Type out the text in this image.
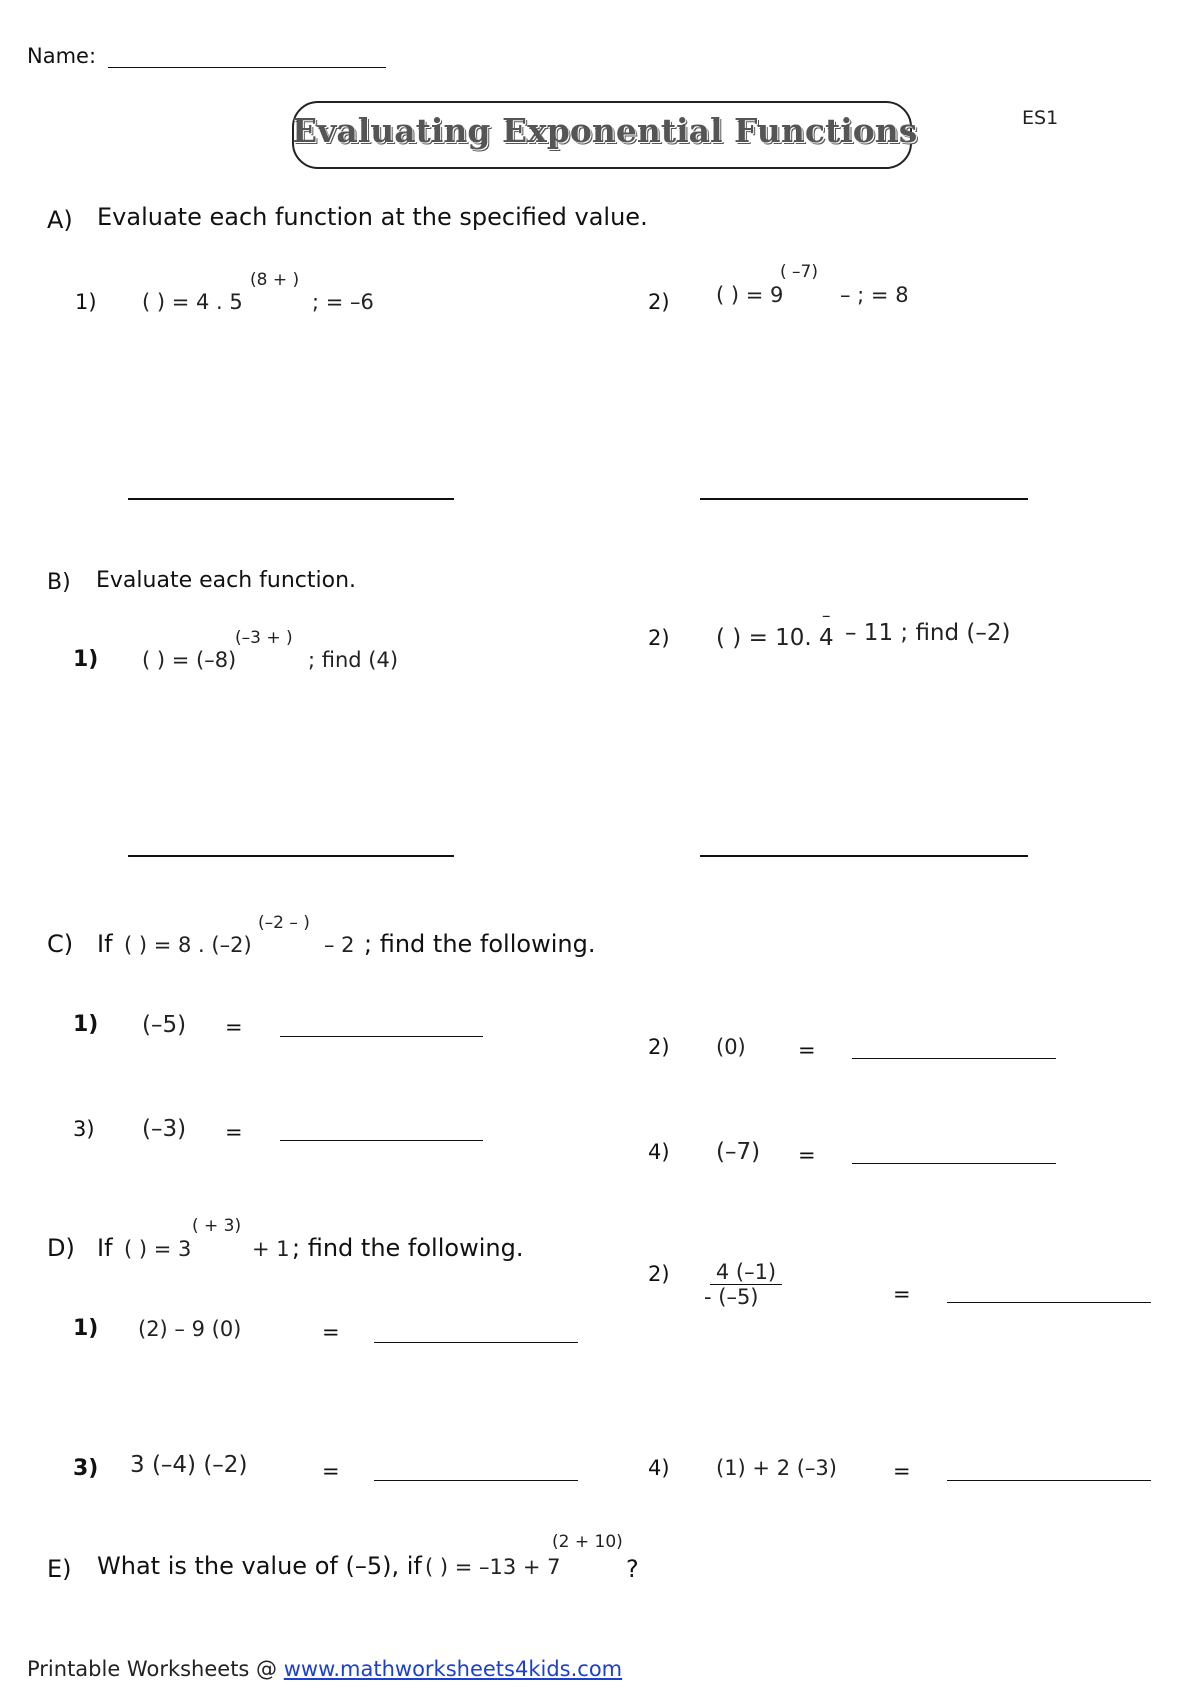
Name:
Evaluating Exponential Functions	ES1
A) Evaluate each function at the specified value.
1) ( ) = 4 . 5
(8 + )
; = –6	2) ( ) = 9
( –7)
– ; = 8
B) Evaluate each function.
1) ( ) = (–8)
(–3 + )
; find (4)
2) ( ) = 10. 4
–
– 11 ; find (–2)
C) If ( ) = 8 . (–2)
(–2 – )
– 2 ; find the following.
1) (–5) =
2) (0) =
3) (–3) =
4) (–7) =
D) If ( ) = 3
( + 3)
+ 1 ; find the following.
1) (2) – 9 (0)	=
2) 4 (–1)
- (–5)	=
3) 3 (–4) (–2)	=	4) (1) + 2 (–3)	=
E) What is the value of (–5), if ( ) = –13 + 7
(2 + 10)
?
Printable Worksheets @ www.mathworksheets4kids.com
